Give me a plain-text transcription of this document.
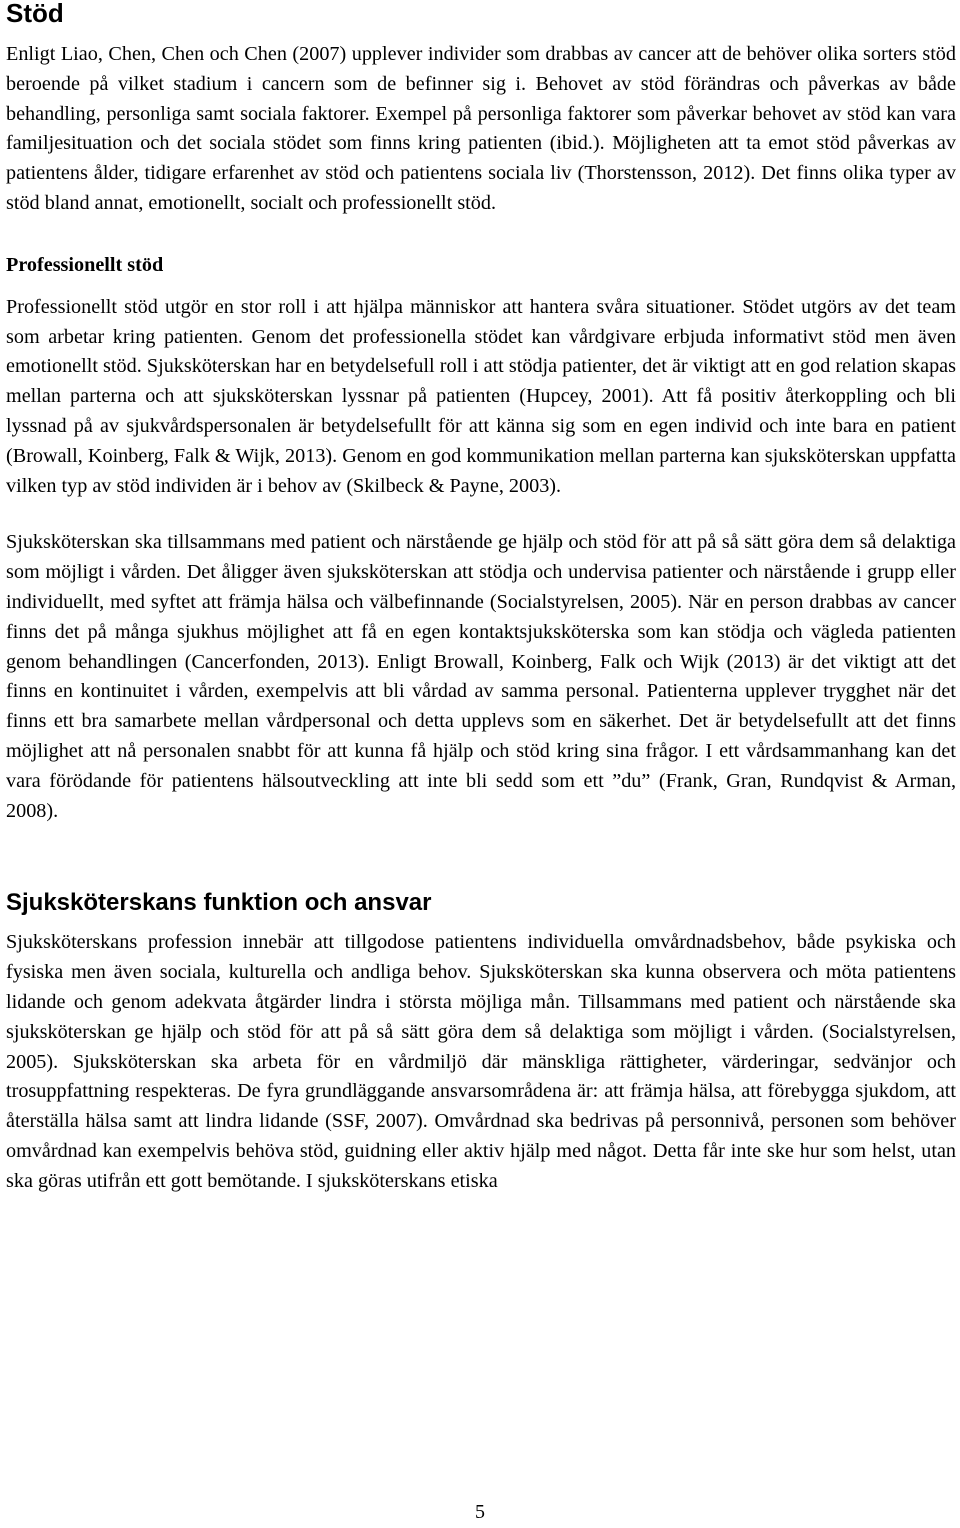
Stöd

Enligt Liao, Chen, Chen och Chen (2007) upplever individer som drabbas av cancer att de behöver olika sorters stöd beroende på vilket stadium i cancern som de befinner sig i. Behovet av stöd förändras och påverkas av både behandling, personliga samt sociala faktorer. Exempel på personliga faktorer som påverkar behovet av stöd kan vara familjesituation och det sociala stödet som finns kring patienten (ibid.). Möjligheten att ta emot stöd påverkas av patientens ålder, tidigare erfarenhet av stöd och patientens sociala liv (Thorstensson, 2012). Det finns olika typer av stöd bland annat, emotionellt, socialt och professionellt stöd.

Professionellt stöd

Professionellt stöd utgör en stor roll i att hjälpa människor att hantera svåra situationer. Stödet utgörs av det team som arbetar kring patienten. Genom det professionella stödet kan vårdgivare erbjuda informativt stöd men även emotionellt stöd. Sjuksköterskan har en betydelsefull roll i att stödja patienter, det är viktigt att en god relation skapas mellan parterna och att sjuksköterskan lyssnar på patienten (Hupcey, 2001). Att få positiv återkoppling och bli lyssnad på av sjukvårdspersonalen är betydelsefullt för att känna sig som en egen individ och inte bara en patient (Browall, Koinberg, Falk & Wijk, 2013). Genom en god kommunikation mellan parterna kan sjuksköterskan uppfatta vilken typ av stöd individen är i behov av (Skilbeck & Payne, 2003).

Sjuksköterskan ska tillsammans med patient och närstående ge hjälp och stöd för att på så sätt göra dem så delaktiga som möjligt i vården. Det åligger även sjuksköterskan att stödja och undervisa patienter och närstående i grupp eller individuellt, med syftet att främja hälsa och välbefinnande (Socialstyrelsen, 2005). När en person drabbas av cancer finns det på många sjukhus möjlighet att få en egen kontaktsjuksköterska som kan stödja och vägleda patienten genom behandlingen (Cancerfonden, 2013). Enligt Browall, Koinberg, Falk och Wijk (2013) är det viktigt att det finns en kontinuitet i vården, exempelvis att bli vårdad av samma personal. Patienterna upplever trygghet när det finns ett bra samarbete mellan vårdpersonal och detta upplevs som en säkerhet. Det är betydelsefullt att det finns möjlighet att nå personalen snabbt för att kunna få hjälp och stöd kring sina frågor. I ett vårdsammanhang kan det vara förödande för patientens hälsoutveckling att inte bli sedd som ett ”du” (Frank, Gran, Rundqvist & Arman, 2008).

Sjuksköterskans funktion och ansvar

Sjuksköterskans profession innebär att tillgodose patientens individuella omvårdnadsbehov, både psykiska och fysiska men även sociala, kulturella och andliga behov. Sjuksköterskan ska kunna observera och möta patientens lidande och genom adekvata åtgärder lindra i största möjliga mån. Tillsammans med patient och närstående ska sjuksköterskan ge hjälp och stöd för att på så sätt göra dem så delaktiga som möjligt i vården. (Socialstyrelsen, 2005). Sjuksköterskan ska arbeta för en vårdmiljö där mänskliga rättigheter, värderingar, sedvänjor och trosuppfattning respekteras. De fyra grundläggande ansvarsområdena är: att främja hälsa, att förebygga sjukdom, att återställa hälsa samt att lindra lidande (SSF, 2007). Omvårdnad ska bedrivas på personnivå, personen som behöver omvårdnad kan exempelvis behöva stöd, guidning eller aktiv hjälp med något. Detta får inte ske hur som helst, utan ska göras utifrån ett gott bemötande. I sjuksköterskans etiska

5
